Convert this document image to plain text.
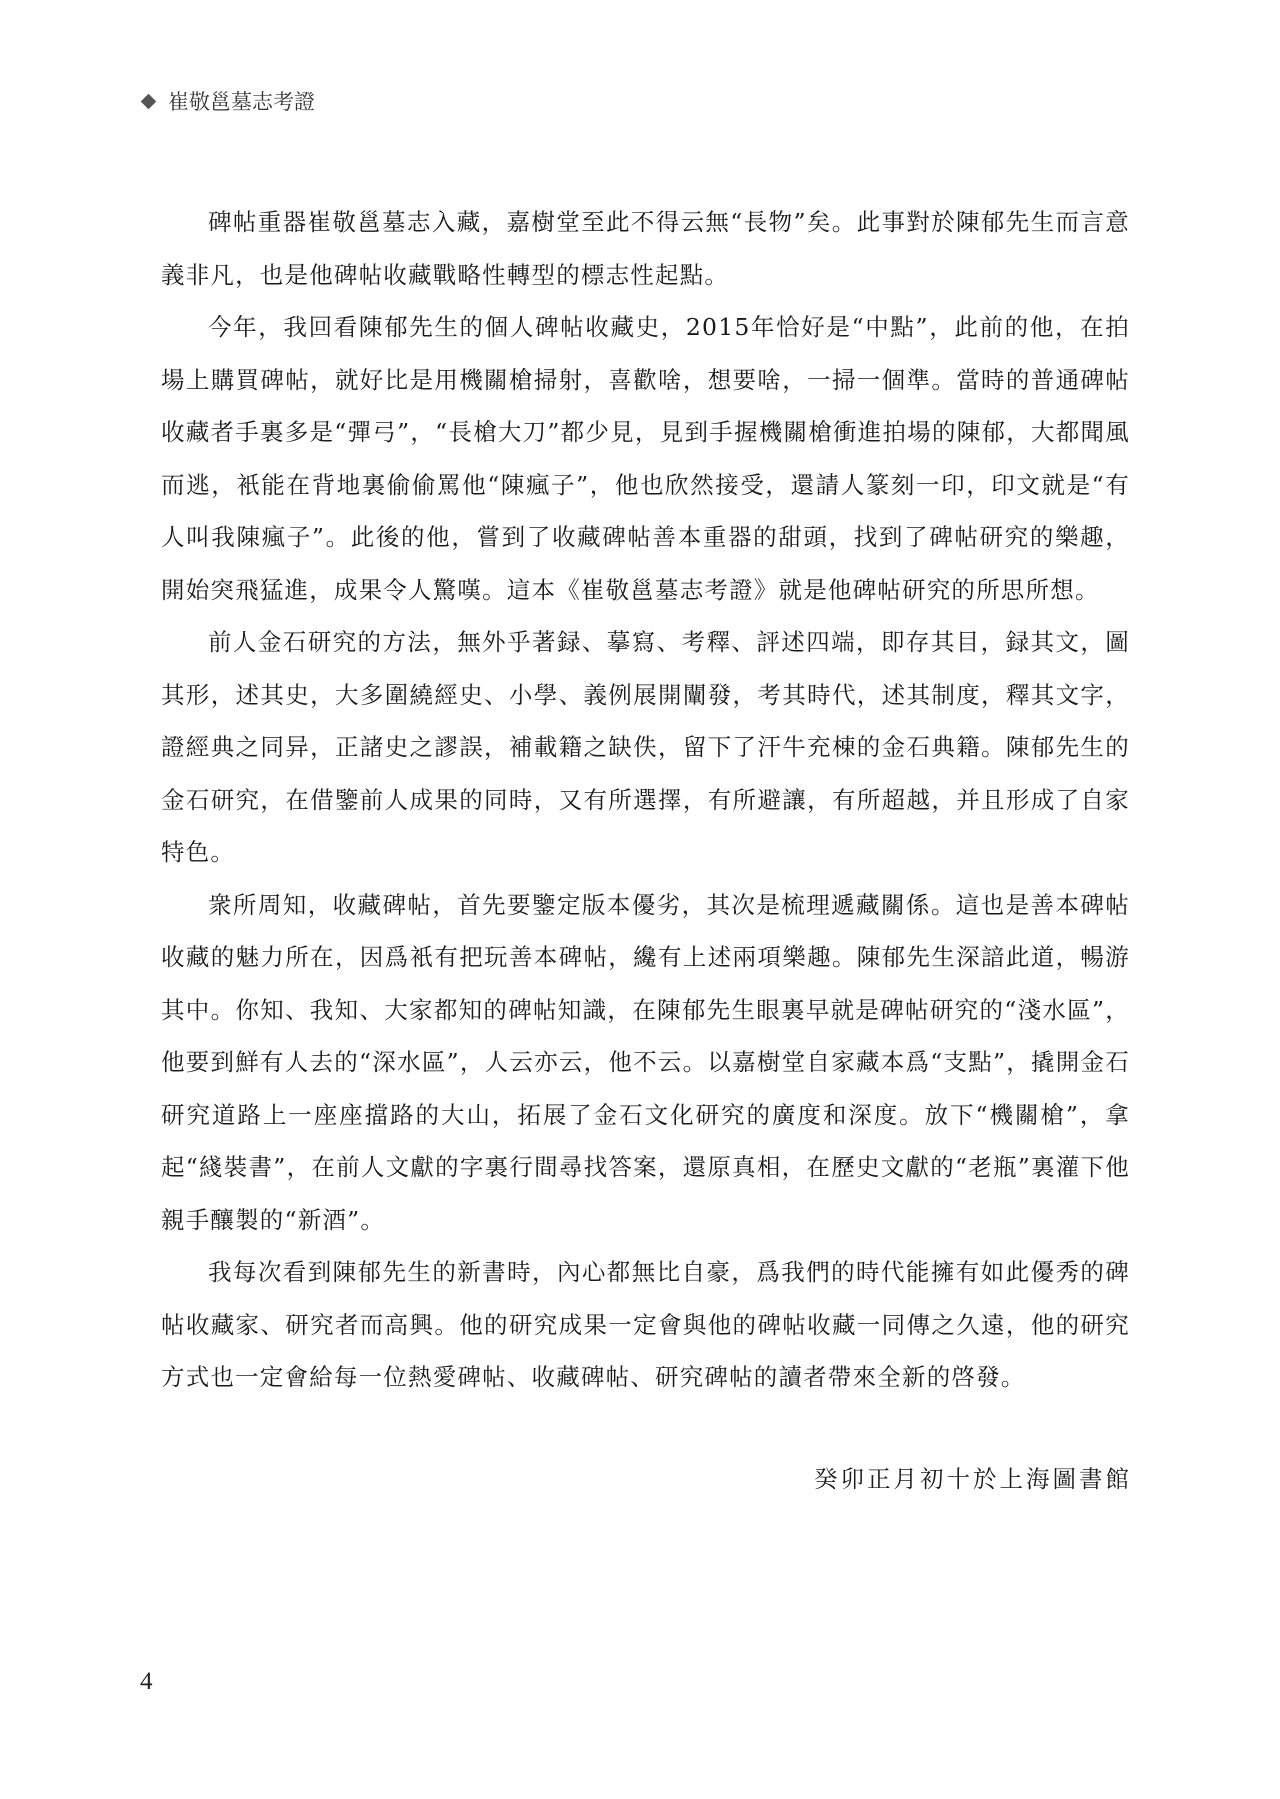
崔敬邕墓志考證

碑帖重器崔敬邕墓志入藏，嘉樹堂至此不得云無“長物”矣。此事對於陳郁先生而言意義非凡，也是他碑帖收藏戰略性轉型的標志性起點。

今年，我回看陳郁先生的個人碑帖收藏史，2015年恰好是“中點”，此前的他，在拍場上購買碑帖，就好比是用機關槍掃射，喜歡啥，想要啥，一掃一個準。當時的普通碑帖收藏者手裏多是“彈弓”，“長槍大刀”都少見，見到手握機關槍衝進拍場的陳郁，大都聞風而逃，衹能在背地裏偷偷罵他“陳瘋子”，他也欣然接受，還請人篆刻一印，印文就是“有人叫我陳瘋子”。此後的他，嘗到了收藏碑帖善本重器的甜頭，找到了碑帖研究的樂趣，開始突飛猛進，成果令人驚嘆。這本《崔敬邕墓志考證》就是他碑帖研究的所思所想。

前人金石研究的方法，無外乎著録、摹寫、考釋、評述四端，即存其目，録其文，圖其形，述其史，大多圍繞經史、小學、義例展開闡發，考其時代，述其制度，釋其文字，證經典之同异，正諸史之謬誤，補載籍之缺佚，留下了汗牛充棟的金石典籍。陳郁先生的金石研究，在借鑒前人成果的同時，又有所選擇，有所避讓，有所超越，并且形成了自家特色。

衆所周知，收藏碑帖，首先要鑒定版本優劣，其次是梳理遞藏關係。這也是善本碑帖收藏的魅力所在，因爲衹有把玩善本碑帖，纔有上述兩項樂趣。陳郁先生深諳此道，暢游其中。你知、我知、大家都知的碑帖知識，在陳郁先生眼裏早就是碑帖研究的“淺水區”，他要到鮮有人去的“深水區”，人云亦云，他不云。以嘉樹堂自家藏本爲“支點”，撬開金石研究道路上一座座擋路的大山，拓展了金石文化研究的廣度和深度。放下“機關槍”，拿起“綫裝書”，在前人文獻的字裏行間尋找答案，還原真相，在歷史文獻的“老瓶”裏灌下他親手釀製的“新酒”。

我每次看到陳郁先生的新書時，內心都無比自豪，爲我們的時代能擁有如此優秀的碑帖收藏家、研究者而高興。他的研究成果一定會與他的碑帖收藏一同傳之久遠，他的研究方式也一定會給每一位熱愛碑帖、收藏碑帖、研究碑帖的讀者帶來全新的啓發。

癸卯正月初十於上海圖書館
4
